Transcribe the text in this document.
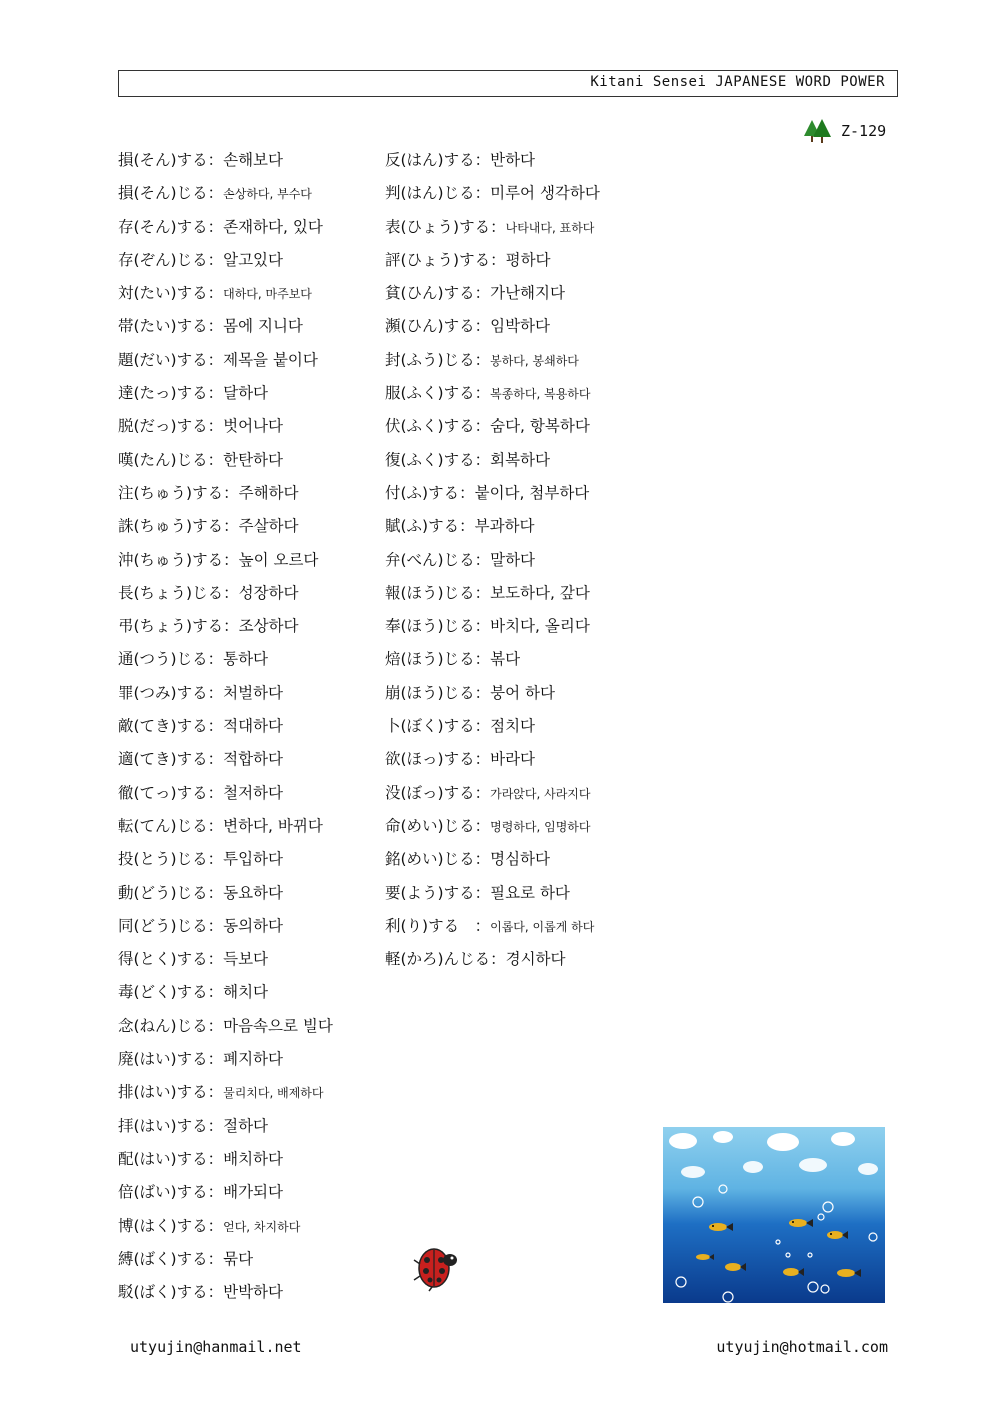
Kitani Sensei JAPANESE WORD POWER
Z-129
損(そん)する：손해보다
損(そん)じる：손상하다, 부수다
存(そん)する：존재하다, 있다
存(ぞん)じる：알고있다
対(たい)する：대하다, 마주보다
帯(たい)する：몸에 지니다
題(だい)する：제목을 붙이다
達(たっ)する：달하다
脱(だっ)する：벗어나다
嘆(たん)じる：한탄하다
注(ちゅう)する：주해하다
誅(ちゅう)する：주살하다
沖(ちゅう)する：높이 오르다
長(ちょう)じる：성장하다
弔(ちょう)する：조상하다
通(つう)じる：통하다
罪(つみ)する：처벌하다
敵(てき)する：적대하다
適(てき)する：적합하다
徹(てっ)する：철저하다
転(てん)じる：변하다, 바뀌다
投(とう)じる：투입하다
動(どう)じる：동요하다
同(どう)じる：동의하다
得(とく)する：득보다
毒(どく)する：해치다
念(ねん)じる：마음속으로 빌다
廃(はい)する：폐지하다
排(はい)する：물리치다, 배제하다
拝(はい)する：절하다
配(はい)する：배치하다
倍(ばい)する：배가되다
博(はく)する：얻다, 차지하다
縛(ばく)する：묶다
駁(ばく)する：반박하다
反(はん)する：반하다
判(はん)じる：미루어 생각하다
表(ひょう)する：나타내다, 표하다
評(ひょう)する：평하다
貧(ひん)する：가난해지다
瀕(ひん)する：임박하다
封(ふう)じる：봉하다, 봉쇄하다
服(ふく)する：복종하다, 복용하다
伏(ふく)する：숨다, 항복하다
復(ふく)する：회복하다
付(ふ)する：붙이다, 첨부하다
賦(ふ)する：부과하다
弁(べん)じる：말하다
報(ほう)じる：보도하다, 갚다
奉(ほう)じる：바치다, 올리다
焙(ほう)じる：볶다
崩(ほう)じる：붕어 하다
卜(ぼく)する：점치다
欲(ほっ)する：바라다
没(ぼっ)する：가라앉다, 사라지다
命(めい)じる：명령하다, 임명하다
銘(めい)じる：명심하다
要(よう)する：필요로 하다
利(り)する　：이롭다, 이롭게 하다
軽(かろ)んじる：경시하다
utyujin@hanmail.net	utyujin@hotmail.com
